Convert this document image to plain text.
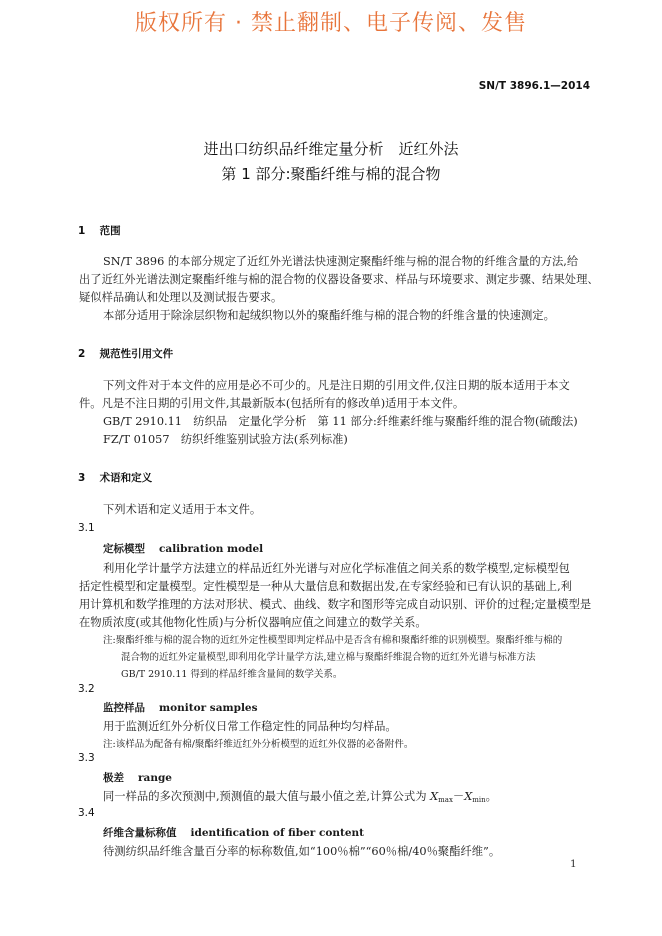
版权所有 · 禁止翻制、电子传阅、发售
SN/T 3896.1—2014
进出口纺织品纤维定量分析　近红外法
第 1 部分:聚酯纤维与棉的混合物
1 范围
SN/T 3896 的本部分规定了近红外光谱法快速测定聚酯纤维与棉的混合物的纤维含量的方法,给
出了近红外光谱法测定聚酯纤维与棉的混合物的仪器设备要求、样品与环境要求、测定步骤、结果处理、
疑似样品确认和处理以及测试报告要求。
本部分适用于除涂层织物和起绒织物以外的聚酯纤维与棉的混合物的纤维含量的快速测定。
2 规范性引用文件
下列文件对于本文件的应用是必不可少的。凡是注日期的引用文件,仅注日期的版本适用于本文
件。凡是不注日期的引用文件,其最新版本(包括所有的修改单)适用于本文件。
GB/T 2910.11　纺织品　定量化学分析　第 11 部分:纤维素纤维与聚酯纤维的混合物(硫酸法)
FZ/T 01057　纺织纤维鉴别试验方法(系列标准)
3 术语和定义
下列术语和定义适用于本文件。
3.1
定标模型 calibration model
利用化学计量学方法建立的样品近红外光谱与对应化学标准值之间关系的数学模型,定标模型包
括定性模型和定量模型。定性模型是一种从大量信息和数据出发,在专家经验和已有认识的基础上,利
用计算机和数学推理的方法对形状、模式、曲线、数字和图形等完成自动识别、评价的过程;定量模型是
在物质浓度(或其他物化性质)与分析仪器响应值之间建立的数学关系。
注:聚酯纤维与棉的混合物的近红外定性模型即判定样品中是否含有棉和聚酯纤维的识别模型。聚酯纤维与棉的
混合物的近红外定量模型,即利用化学计量学方法,建立棉与聚酯纤维混合物的近红外光谱与标准方法
GB/T 2910.11 得到的样品纤维含量间的数学关系。
3.2
监控样品 monitor samples
用于监测近红外分析仪日常工作稳定性的同品种均匀样品。
注:该样品为配备有棉/聚酯纤维近红外分析模型的近红外仪器的必备附件。
3.3
极差 range
同一样品的多次预测中,预测值的最大值与最小值之差,计算公式为 $X_{max}-X_{min}$。
3.4
纤维含量标称值 identification of fiber content
待测纺织品纤维含量百分率的标称数值,如“100％棉”“60％棉/40％聚酯纤维”。
1
